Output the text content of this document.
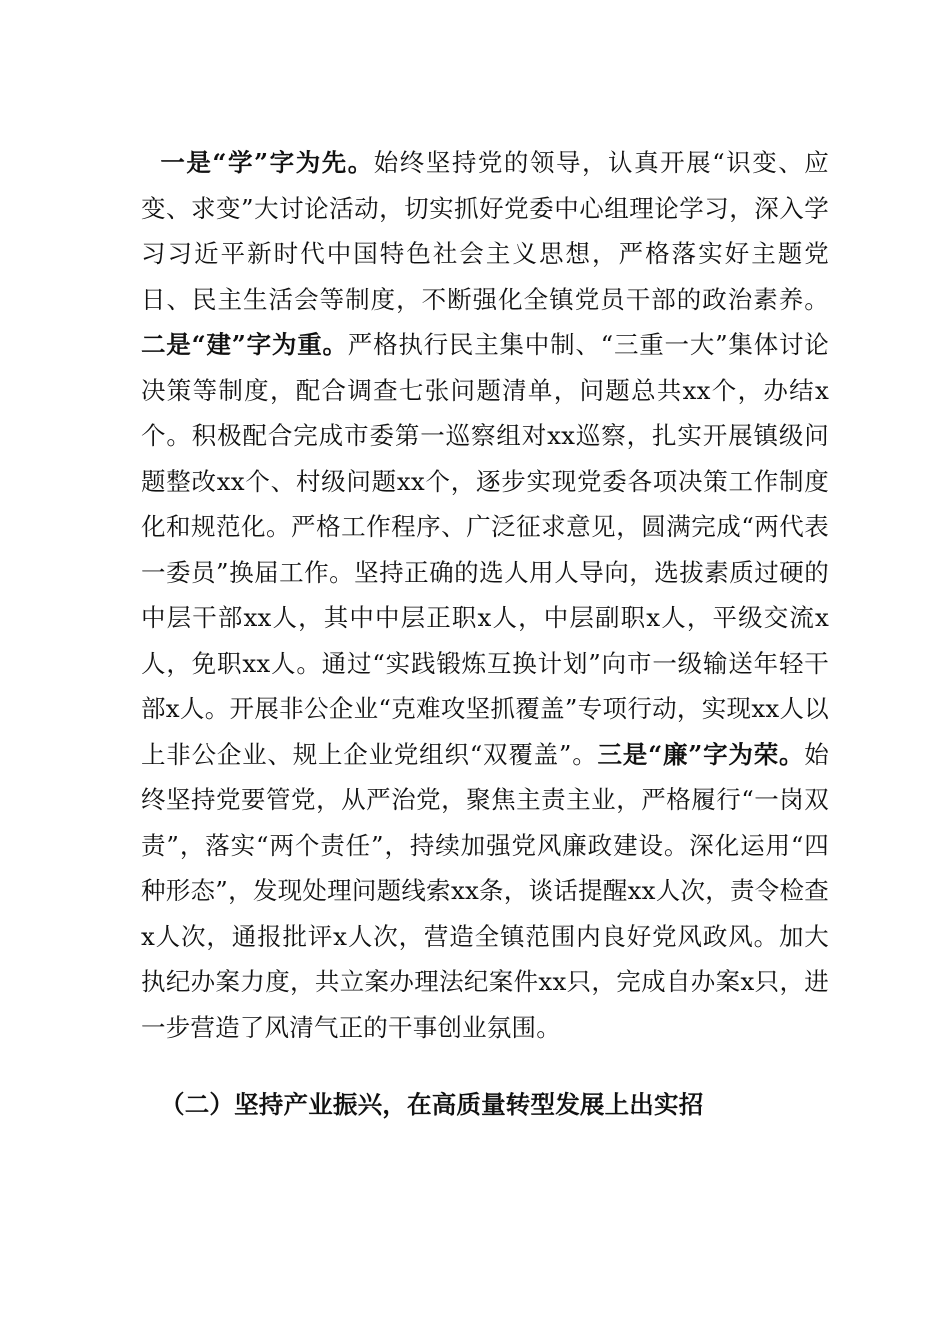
一是“学”字为先。始终坚持党的领导，认真开展“识变、应变、求变”大讨论活动，切实抓好党委中心组理论学习，深入学习习近平新时代中国特色社会主义思想，严格落实好主题党日、民主生活会等制度，不断强化全镇党员干部的政治素养。二是“建”字为重。严格执行民主集中制、“三重一大”集体讨论决策等制度，配合调查七张问题清单，问题总共xx个，办结x个。积极配合完成市委第一巡察组对xx巡察，扎实开展镇级问题整改xx个、村级问题xx个，逐步实现党委各项决策工作制度化和规范化。严格工作程序、广泛征求意见，圆满完成“两代表一委员”换届工作。坚持正确的选人用人导向，选拔素质过硬的中层干部xx人，其中中层正职x人，中层副职x人，平级交流x人，免职xx人。通过“实践锻炼互换计划”向市一级输送年轻干部x人。开展非公企业“克难攻坚抓覆盖”专项行动，实现xx人以上非公企业、规上企业党组织“双覆盖”。三是“廉”字为荣。始终坚持党要管党，从严治党，聚焦主责主业，严格履行“一岗双责”，落实“两个责任”，持续加强党风廉政建设。深化运用“四种形态”，发现处理问题线索xx条，谈话提醒xx人次，责令检查x人次，通报批评x人次，营造全镇范围内良好党风政风。加大执纪办案力度，共立案办理法纪案件xx只，完成自办案x只，进一步营造了风清气正的干事创业氛围。

（二）坚持产业振兴，在高质量转型发展上出实招
